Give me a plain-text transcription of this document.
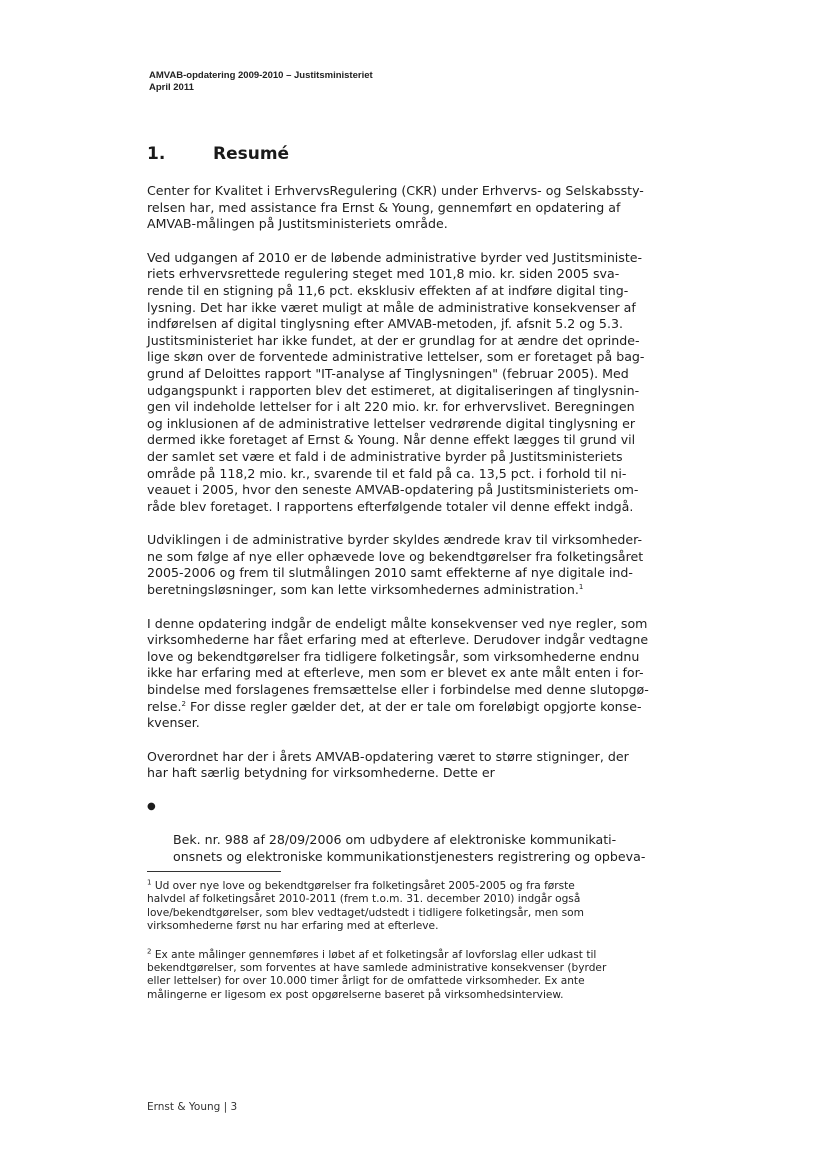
AMVAB-opdatering 2009-2010 – Justitsministeriet
April 2011
1.	Resumé

Center for Kvalitet i ErhvervsRegulering (CKR) under Erhvervs- og Selskabssty-
relsen har, med assistance fra Ernst & Young, gennemført en opdatering af
AMVAB-målingen på Justitsministeriets område.

Ved udgangen af 2010 er de løbende administrative byrder ved Justitsministe-
riets erhvervsrettede regulering steget med 101,8 mio. kr. siden 2005 sva-
rende til en stigning på 11,6 pct. eksklusiv effekten af at indføre digital ting-
lysning. Det har ikke været muligt at måle de administrative konsekvenser af
indførelsen af digital tinglysning efter AMVAB-metoden, jf. afsnit 5.2 og 5.3.
Justitsministeriet har ikke fundet, at der er grundlag for at ændre det oprinde-
lige skøn over de forventede administrative lettelser, som er foretaget på bag-
grund af Deloittes rapport "IT-analyse af Tinglysningen" (februar 2005). Med
udgangspunkt i rapporten blev det estimeret, at digitaliseringen af tinglysnin-
gen vil indeholde lettelser for i alt 220 mio. kr. for erhvervslivet. Beregningen
og inklusionen af de administrative lettelser vedrørende digital tinglysning er
dermed ikke foretaget af Ernst & Young. Når denne effekt lægges til grund vil
der samlet set være et fald i de administrative byrder på Justitsministeriets
område på 118,2 mio. kr., svarende til et fald på ca. 13,5 pct. i forhold til ni-
veauet i 2005, hvor den seneste AMVAB-opdatering på Justitsministeriets om-
råde blev foretaget. I rapportens efterfølgende totaler vil denne effekt indgå.

Udviklingen i de administrative byrder skyldes ændrede krav til virksomheder-
ne som følge af nye eller ophævede love og bekendtgørelser fra folketingsåret
2005-2006 og frem til slutmålingen 2010 samt effekterne af nye digitale ind-
beretningsløsninger, som kan lette virksomhedernes administration.$^1$

I denne opdatering indgår de endeligt målte konsekvenser ved nye regler, som
virksomhederne har fået erfaring med at efterleve. Derudover indgår vedtagne
love og bekendtgørelser fra tidligere folketingsår, som virksomhederne endnu
ikke har erfaring med at efterleve, men som er blevet ex ante målt enten i for-
bindelse med forslagenes fremsættelse eller i forbindelse med denne slutopgø-
relse.$^2$ For disse regler gælder det, at der er tale om foreløbigt opgjorte konse-
kvenser.

Overordnet har der i årets AMVAB-opdatering været to større stigninger, der
har haft særlig betydning for virksomhederne. Dette er

●

Bek. nr. 988 af 28/09/2006 om udbydere af elektroniske kommunikati-
onsnets og elektroniske kommunikationstjenesters registrering og opbeva-

$^1$ Ud over nye love og bekendtgørelser fra folketingsåret 2005-2005 og fra første
halvdel af folketingsåret 2010-2011 (frem t.o.m. 31. december 2010) indgår også
love/bekendtgørelser, som blev vedtaget/udstedt i tidligere folketingsår, men som
virksomhederne først nu har erfaring med at efterleve.
$^2$ Ex ante målinger gennemføres i løbet af et folketingsår af lovforslag eller udkast til
bekendtgørelser, som forventes at have samlede administrative konsekvenser (byrder
eller lettelser) for over 10.000 timer årligt for de omfattede virksomheder. Ex ante
målingerne er ligesom ex post opgørelserne baseret på virksomhedsinterview.
Ernst & Young | 3
